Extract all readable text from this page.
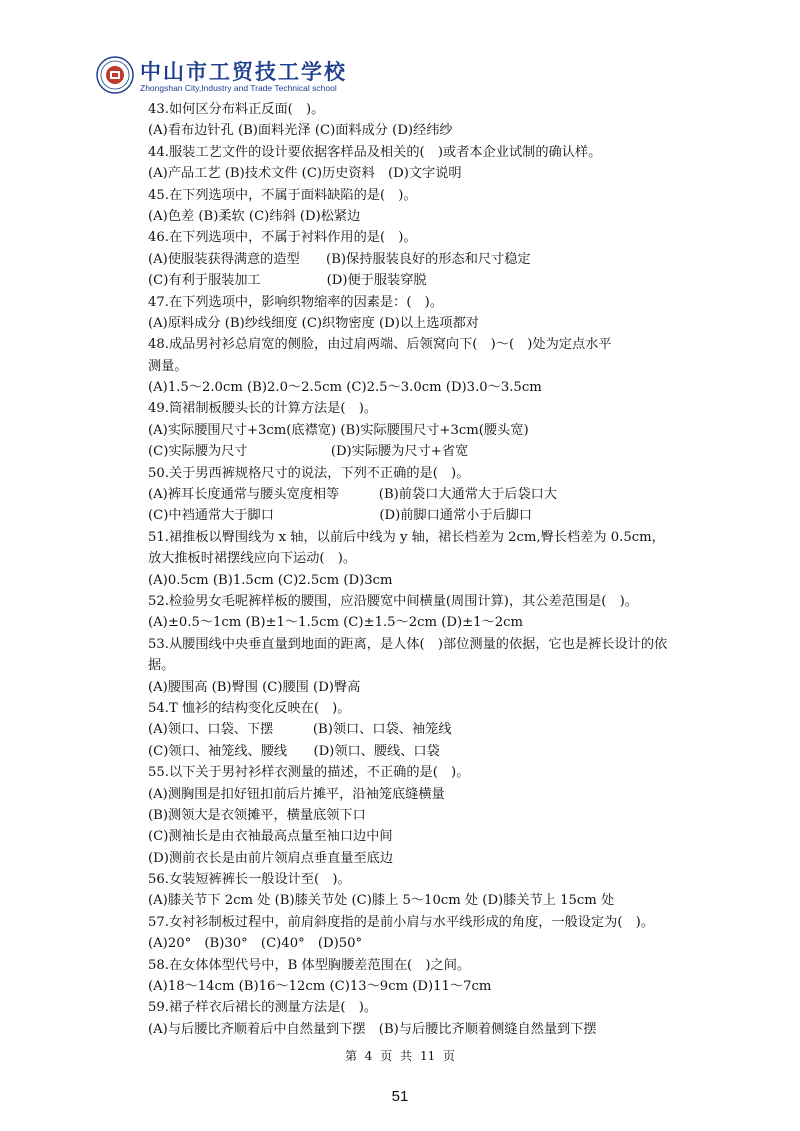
中山市工贸技工学校
Zhongshan City,Industry and Trade Technical school
43.如何区分布料正反面(　)。
(A)看布边针孔 (B)面料光泽 (C)面料成分 (D)经纬纱
44.服装工艺文件的设计要依据客样品及相关的(　)或者本企业试制的确认样。
(A)产品工艺 (B)技术文件 (C)历史资料　(D)文字说明
45.在下列选项中，不属于面料缺陷的是(　)。
(A)色差 (B)柔软 (C)纬斜 (D)松紧边
46.在下列选项中，不属于衬料作用的是(　)。
(A)使服装获得满意的造型　　(B)保持服装良好的形态和尺寸稳定
(C)有利于服装加工　　　　　(D)便于服装穿脱
47.在下列选项中，影响织物缩率的因素是：(　)。
(A)原料成分 (B)纱线细度 (C)织物密度 (D)以上选项都对
48.成品男衬衫总肩宽的侧脸，由过肩两端、后领窝向下(　)～(　)处为定点水平
测量。
(A)1.5～2.0cm (B)2.0～2.5cm (C)2.5～3.0cm (D)3.0～3.5cm
49.筒裙制板腰头长的计算方法是(　)。
(A)实际腰围尺寸+3cm(底襟宽) (B)实际腰围尺寸+3cm(腰头宽)
(C)实际腰为尺寸　　　　　　 (D)实际腰为尺寸+省宽
50.关于男西裤规格尺寸的说法，下列不正确的是(　)。
(A)裤耳长度通常与腰头宽度相等　　　(B)前袋口大通常大于后袋口大
(C)中裆通常大于脚口　　　　　　　　(D)前脚口通常小于后脚口
51.裙推板以臀围线为 x 轴，以前后中线为 y 轴，裙长档差为 2cm,臀长档差为 0.5cm，
放大推板时裙摆线应向下运动(　)。
(A)0.5cm (B)1.5cm (C)2.5cm (D)3cm
52.检验男女毛呢裤样板的腰围，应沿腰宽中间横量(周围计算)，其公差范围是(　)。
(A)±0.5～1cm (B)±1～1.5cm (C)±1.5～2cm (D)±1～2cm
53.从腰围线中央垂直量到地面的距离，是人体(　)部位测量的依据，它也是裤长设计的依
据。
(A)腰围高 (B)臀围 (C)腰围 (D)臀高
54.T 恤衫的结构变化反映在(　)。
(A)领口、口袋、下摆　　　(B)领口、口袋、袖笼线
(C)领口、袖笼线、腰线　　(D)领口、腰线、口袋
55.以下关于男衬衫样衣测量的描述，不正确的是(　)。
(A)测胸围是扣好钮扣前后片摊平，沿袖笼底缝横量
(B)测领大是衣领摊平，横量底领下口
(C)测袖长是由衣袖最高点量至袖口边中间
(D)测前衣长是由前片领肩点垂直量至底边
56.女装短裤裤长一般设计至(　)。
(A)膝关节下 2cm 处 (B)膝关节处 (C)膝上 5～10cm 处 (D)膝关节上 15cm 处
57.女衬衫制板过程中，前肩斜度指的是前小肩与水平线形成的角度，一般设定为(　)。
(A)20°　(B)30°　(C)40°　(D)50°
58.在女体体型代号中，B 体型胸腰差范围在(　)之间。
(A)18～14cm (B)16～12cm (C)13～9cm (D)11～7cm
59.裙子样衣后裙长的测量方法是(　)。
(A)与后腰比齐顺着后中自然量到下摆　(B)与后腰比齐顺着侧缝自然量到下摆
第 4 页 共 11 页
51
